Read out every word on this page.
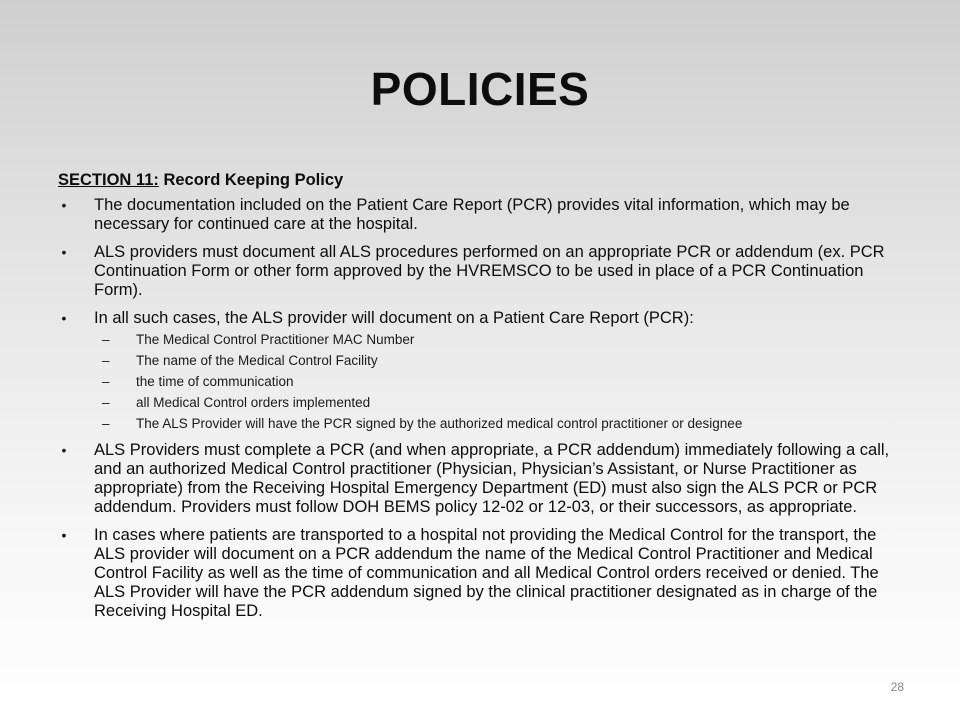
POLICIES

SECTION 11: Record Keeping Policy

• The documentation included on the Patient Care Report (PCR) provides vital information, which may be necessary for continued care at the hospital.
• ALS providers must document all ALS procedures performed on an appropriate PCR or addendum (ex. PCR Continuation Form or other form approved by the HVREMSCO to be used in place of a PCR Continuation Form).
• In all such cases, the ALS provider will document on a Patient Care Report (PCR):
– The Medical Control Practitioner MAC Number
– The name of the Medical Control Facility
– the time of communication
– all Medical Control orders implemented
– The ALS Provider will have the PCR signed by the authorized medical control practitioner or designee
• ALS Providers must complete a PCR (and when appropriate, a PCR addendum) immediately following a call, and an authorized Medical Control practitioner (Physician, Physician’s Assistant, or Nurse Practitioner as appropriate) from the Receiving Hospital Emergency Department (ED) must also sign the ALS PCR or PCR addendum. Providers must follow DOH BEMS policy 12-02 or 12-03, or their successors, as appropriate.
• In cases where patients are transported to a hospital not providing the Medical Control for the transport, the ALS provider will document on a PCR addendum the name of the Medical Control Practitioner and Medical Control Facility as well as the time of communication and all Medical Control orders received or denied. The ALS Provider will have the PCR addendum signed by the clinical practitioner designated as in charge of the Receiving Hospital ED.
28
